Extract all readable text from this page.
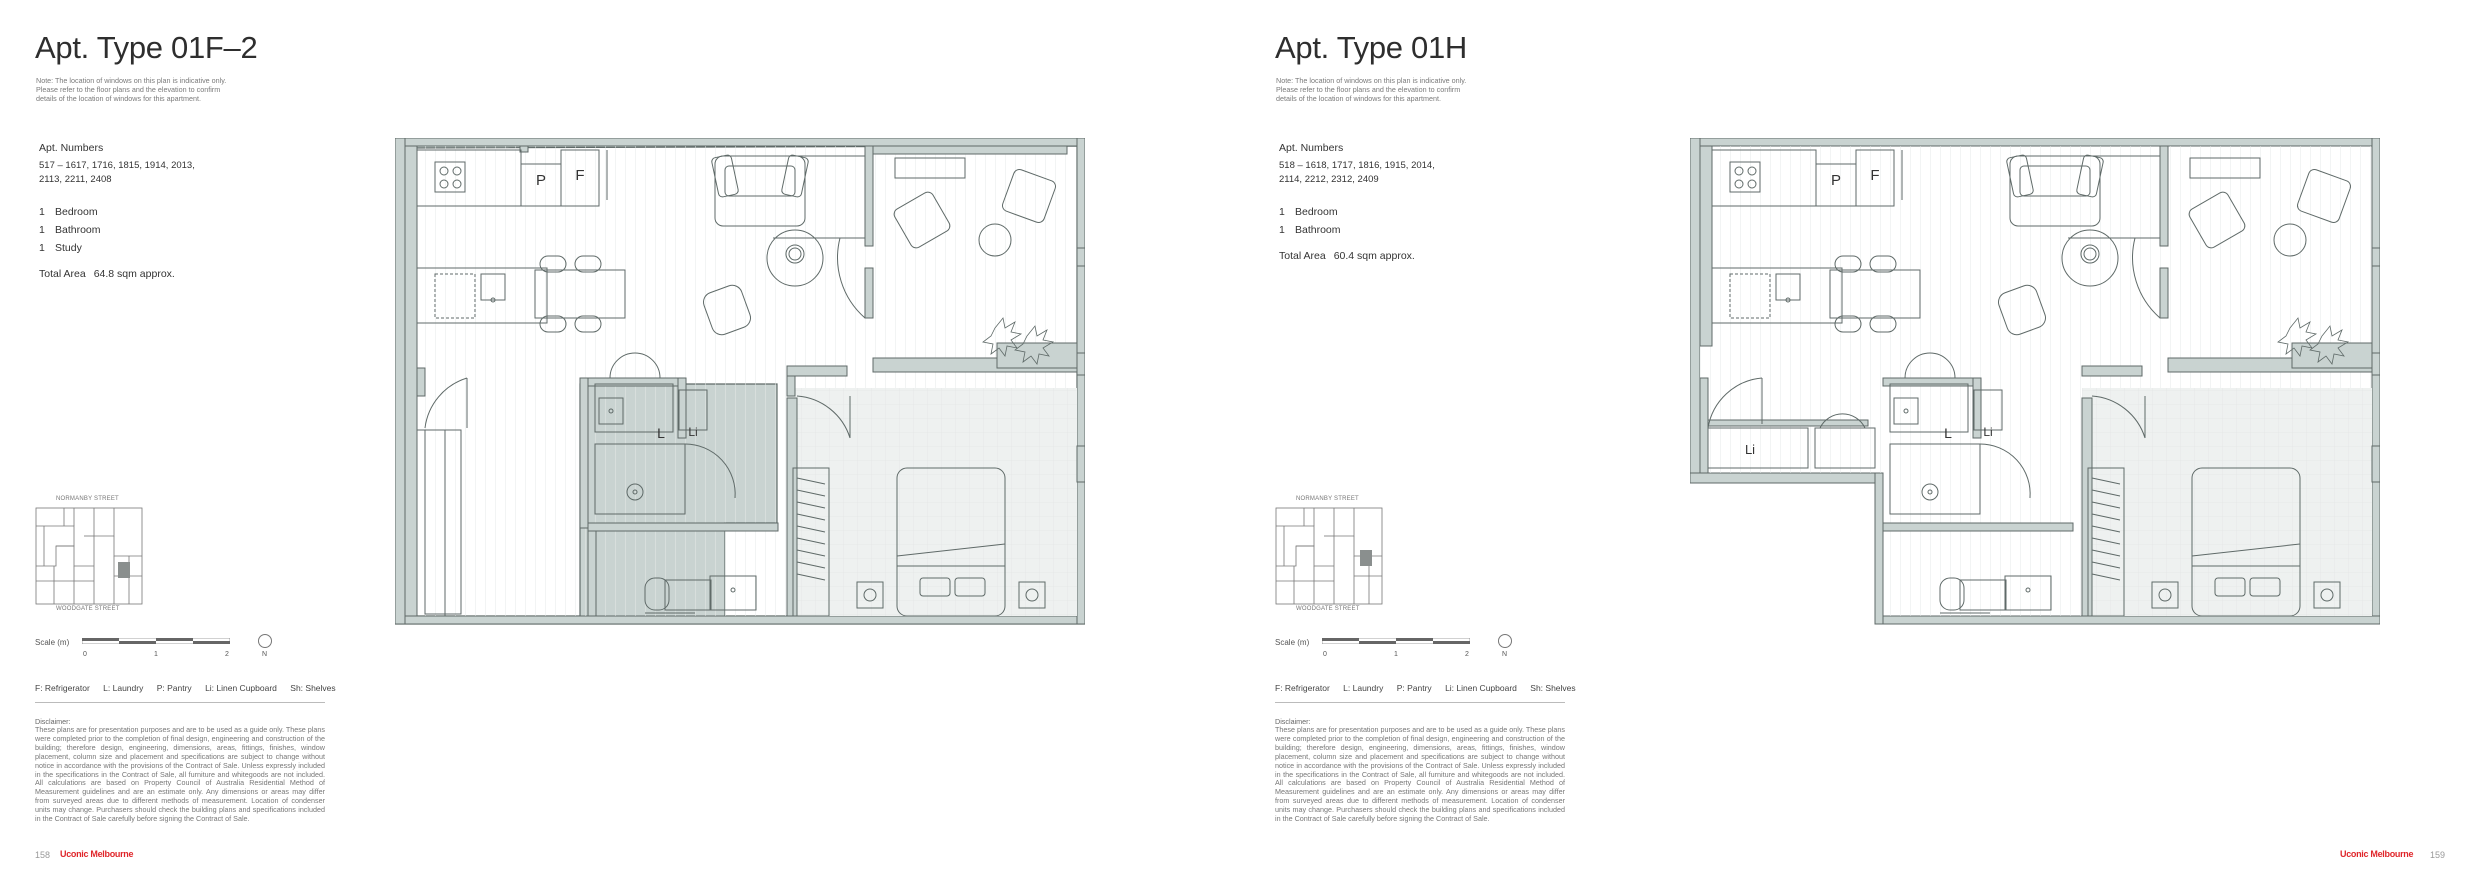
Apt. Type 01F–2
Note: The location of windows on this plan is indicative only. Please refer to the floor plans and the elevation to confirm details of the location of windows for this apartment.
Apt. Numbers
517 – 1617, 1716, 1815, 1914, 2013, 2113, 2211, 2408
1 Bedroom
1 Bathroom
1 Study
Total Area 64.8 sqm approx.
NORMANBY STREET
WOODGATE STREET
Scale (m)
0	1	2	N
F: Refrigerator L: Laundry P: Pantry Li: Linen Cupboard Sh: Shelves
Disclaimer:
These plans are for presentation purposes and are to be used as a guide only. These plans were completed prior to the completion of final design, engineering and construction of the building; therefore design, engineering, dimensions, areas, fittings, finishes, window placement, column size and placement and specifications are subject to change without notice in accordance with the provisions of the Contract of Sale. Unless expressly included in the specifications in the Contract of Sale, all furniture and whitegoods are not included. All calculations are based on Property Council of Australia Residential Method of Measurement guidelines and are an estimate only. Any dimensions or areas may differ from surveyed areas due to different methods of measurement. Location of condenser units may change. Purchasers should check the building plans and specifications included in the Contract of Sale carefully before signing the Contract of Sale.
158 Uconic Melbourne
P F
L Li
Apt. Type 01H
Note: The location of windows on this plan is indicative only. Please refer to the floor plans and the elevation to confirm details of the location of windows for this apartment.
Apt. Numbers
518 – 1618, 1717, 1816, 1915, 2014, 2114, 2212, 2312, 2409
1 Bedroom
1 Bathroom
Total Area 60.4 sqm approx.
NORMANBY STREET
WOODGATE STREET
Scale (m)
0	1	2	N
F: Refrigerator L: Laundry P: Pantry Li: Linen Cupboard Sh: Shelves
Disclaimer:
These plans are for presentation purposes and are to be used as a guide only. These plans were completed prior to the completion of final design, engineering and construction of the building; therefore design, engineering, dimensions, areas, fittings, finishes, window placement, column size and placement and specifications are subject to change without notice in accordance with the provisions of the Contract of Sale. Unless expressly included in the specifications in the Contract of Sale, all furniture and whitegoods are not included. All calculations are based on Property Council of Australia Residential Method of Measurement guidelines and are an estimate only. Any dimensions or areas may differ from surveyed areas due to different methods of measurement. Location of condenser units may change. Purchasers should check the building plans and specifications included in the Contract of Sale carefully before signing the Contract of Sale.
Uconic Melbourne 159
P F
Li
L	Li
